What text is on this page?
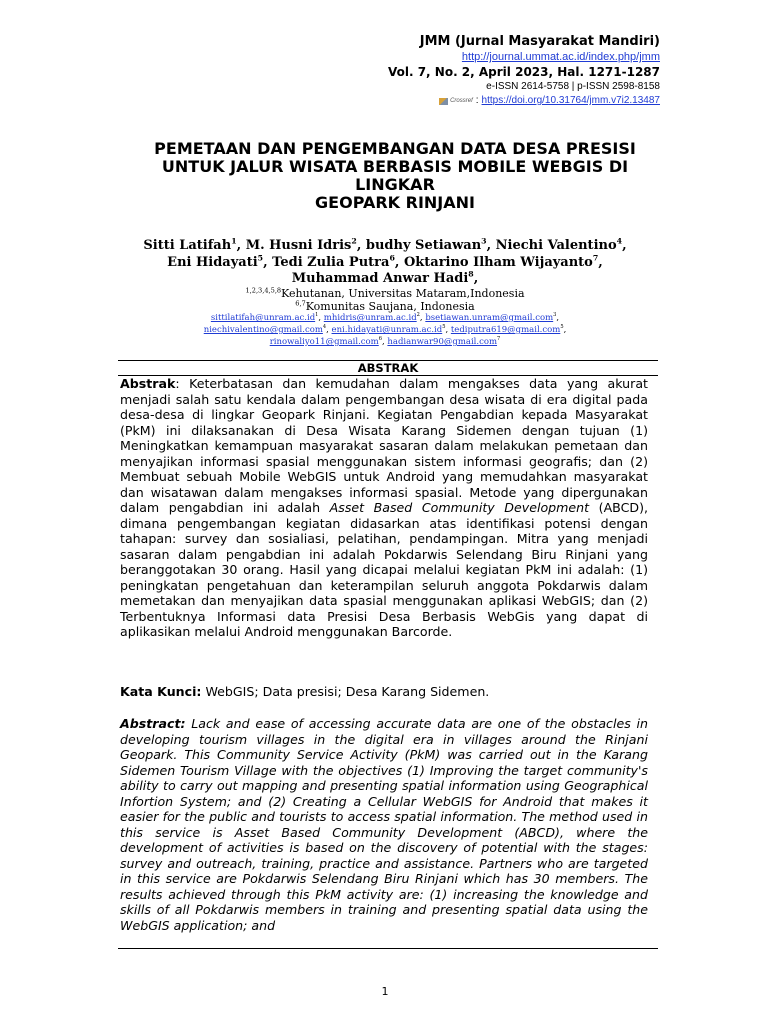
JMM (Jurnal Masyarakat Mandiri)
http://journal.ummat.ac.id/index.php/jmm
Vol. 7, No. 2, April 2023, Hal. 1271-1287
e-ISSN 2614-5758 | p-ISSN 2598-8158
Crossref : https://doi.org/10.31764/jmm.v7i2.13487
PEMETAAN DAN PENGEMBANGAN DATA DESA PRESISI
UNTUK JALUR WISATA BERBASIS MOBILE WEBGIS DI
LINGKAR
GEOPARK RINJANI
Sitti Latifah$^1$, M. Husni Idris$^2$, budhy Setiawan$^3$, Niechi Valentino$^4$,
Eni Hidayati$^5$, Tedi Zulia Putra$^6$, Oktarino Ilham Wijayanto$^7$,
Muhammad Anwar Hadi$^8$,
$^{1,2,3,4,5,8}$Kehutanan, Universitas Mataram,Indonesia
$^{6,7}$Komunitas Saujana, Indonesia
$sittilatifah@unram.ac.id^1$, $mhidris@unram.ac.id^2$, bsetiawan.unram@gmail.com$^3$,
niechivalentino@gmail.com$^4$, $eni.hidayati@unram.ac.id^5$, tediputra619@gmail.com$^5$,
rinowaliyo11@gmail.com$^6$, hadianwar90@gmail.com$^7$
ABSTRAK
Abstrak: Keterbatasan dan kemudahan dalam mengakses data yang akurat menjadi salah satu kendala dalam pengembangan desa wisata di era digital pada desa-desa di lingkar Geopark Rinjani. Kegiatan Pengabdian kepada Masyarakat (PkM) ini dilaksanakan di Desa Wisata Karang Sidemen dengan tujuan (1) Meningkatkan kemampuan masyarakat sasaran dalam melakukan pemetaan dan menyajikan informasi spasial menggunakan sistem informasi geografis; dan (2) Membuat sebuah Mobile WebGIS untuk Android yang memudahkan masyarakat dan wisatawan dalam mengakses informasi spasial. Metode yang dipergunakan dalam pengabdian ini adalah Asset Based Community Development (ABCD), dimana pengembangan kegiatan didasarkan atas identifikasi potensi dengan tahapan: survey dan sosialiasi, pelatihan, pendampingan. Mitra yang menjadi sasaran dalam pengabdian ini adalah Pokdarwis Selendang Biru Rinjani yang beranggotakan 30 orang. Hasil yang dicapai melalui kegiatan PkM ini adalah: (1) peningkatan pengetahuan dan keterampilan seluruh anggota Pokdarwis dalam memetakan dan menyajikan data spasial menggunakan aplikasi WebGIS; dan (2) Terbentuknya Informasi data Presisi Desa Berbasis WebGis yang dapat di aplikasikan melalui Android menggunakan Barcorde.
Kata Kunci: WebGIS; Data presisi; Desa Karang Sidemen.
Abstract: Lack and ease of accessing accurate data are one of the obstacles in developing tourism villages in the digital era in villages around the Rinjani Geopark. This Community Service Activity (PkM) was carried out in the Karang Sidemen Tourism Village with the objectives (1) Improving the target community's ability to carry out mapping and presenting spatial information using Geographical Infortion System; and (2) Creating a Cellular WebGIS for Android that makes it easier for the public and tourists to access spatial information. The method used in this service is Asset Based Community Development (ABCD), where the development of activities is based on the discovery of potential with the stages: survey and outreach, training, practice and assistance. Partners who are targeted in this service are Pokdarwis Selendang Biru Rinjani which has 30 members. The results achieved through this PkM activity are: (1) increasing the knowledge and skills of all Pokdarwis members in training and presenting spatial data using the WebGIS application; and
1
